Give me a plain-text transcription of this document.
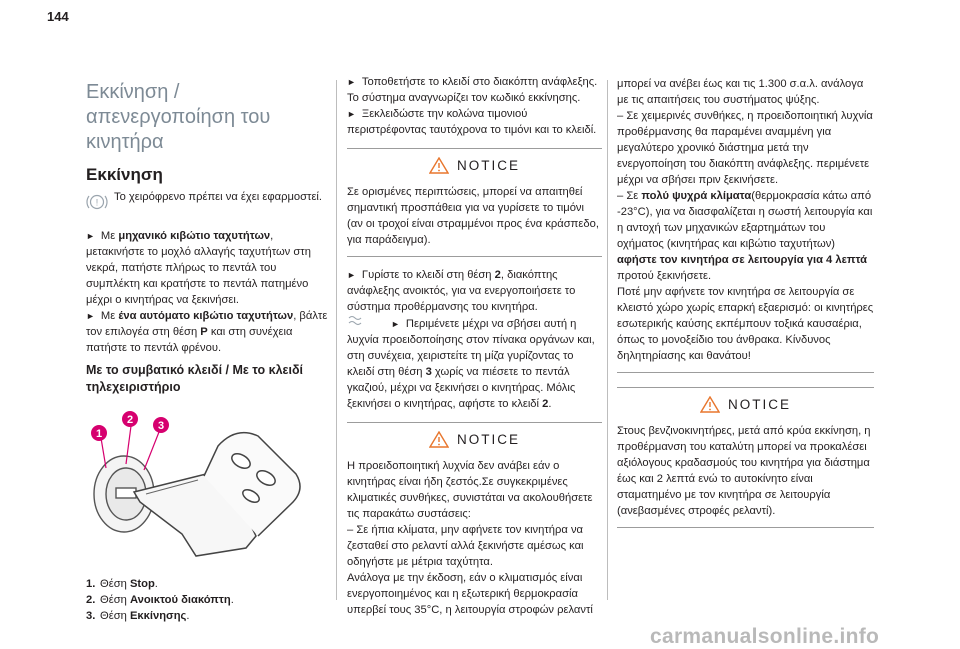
144
Εκκίνηση / απενεργοποίηση του κινητήρα
Εκκίνηση
! Το χειρόφρενο πρέπει να έχει εφαρμοστεί.

► Με μηχανικό κιβώτιο ταχυτήτων, μετακινήστε το μοχλό αλλαγής ταχυτήτων στη νεκρά, πατήστε πλήρως το πεντάλ του συμπλέκτη και κρατήστε το πεντάλ πατημένο μέχρι ο κινητήρας να ξεκινήσει.

► Με ένα αυτόματο κιβώτιο ταχυτήτων, βάλτε τον επιλογέα στη θέση P και στη συνέχεια πατήστε το πεντάλ φρένου.

Με το συμβατικό κλειδί / Με το κλειδί τηλεχειριστήριο
1
2 3
1. Θέση Stop.
2. Θέση Ανοικτού διακόπτη.
3. Θέση Εκκίνησης.

► Τοποθετήστε το κλειδί στο διακόπτη ανάφλεξης. Το σύστημα αναγνωρίζει τον κωδικό εκκίνησης.

► Ξεκλειδώστε την κολώνα τιμονιού περιστρέφοντας ταυτόχρονα το τιμόνι και το κλειδί.

NOTICE

Σε ορισμένες περιπτώσεις, μπορεί να απαιτηθεί σημαντική προσπάθεια για να γυρίσετε το τιμόνι (αν οι τροχοί είναι στραμμένοι προς ένα κράσπεδο, για παράδειγμα).

► Γυρίστε το κλειδί στη θέση 2, διακόπτης ανάφλεξης ανοικτός, για να ενεργοποιήσετε το σύστημα προθέρμανσης του κινητήρα.

► Περιμένετε μέχρι να σβήσει αυτή η λυχνία προειδοποίησης στον πίνακα οργάνων και, στη συνέχεια, χειριστείτε τη μίζα γυρίζοντας το κλειδί στη θέση 3 χωρίς να πιέσετε το πεντάλ γκαζιού, μέχρι να ξεκινήσει ο κινητήρας. Μόλις ξεκινήσει ο κινητήρας, αφήστε το κλειδί 2.

NOTICE

Η προειδοποιητική λυχνία δεν ανάβει εάν ο κινητήρας είναι ήδη ζεστός.Σε συγκεκριμένες κλιματικές συνθήκες, συνιστάται να ακολουθήσετε τις παρακάτω συστάσεις:

– Σε ήπια κλίματα, μην αφήνετε τον κινητήρα να ζεσταθεί στο ρελαντί αλλά ξεκινήστε αμέσως και οδηγήστε με μέτρια ταχύτητα.

Ανάλογα με την έκδοση, εάν ο κλιματισμός είναι ενεργοποιημένος και η εξωτερική θερμοκρασία υπερβεί τους 35°C, η λειτουργία στροφών ρελαντί

μπορεί να ανέβει έως και τις 1.300 σ.α.λ. ανάλογα με τις απαιτήσεις του συστήματος ψύξης.

– Σε χειμερινές συνθήκες, η προειδοποιητική λυχνία προθέρμανσης θα παραμένει αναμμένη για μεγαλύτερο χρονικό διάστημα μετά την ενεργοποίηση του διακόπτη ανάφλεξης. περιμένετε μέχρι να σβήσει πριν ξεκινήσετε.

– Σε πολύ ψυχρά κλίματα(θερμοκρασία κάτω από -23°C), για να διασφαλίζεται η σωστή λειτουργία και η αντοχή των μηχανικών εξαρτημάτων του οχήματος (κινητήρας και κιβώτιο ταχυτήτων) αφήστε τον κινητήρα σε λειτουργία για 4 λεπτά προτού ξεκινήσετε.

Ποτέ μην αφήνετε τον κινητήρα σε λειτουργία σε κλειστό χώρο χωρίς επαρκή εξαερισμό: οι κινητήρες εσωτερικής καύσης εκπέμπουν τοξικά καυσαέρια, όπως το μονοξείδιο του άνθρακα. Κίνδυνος δηλητηρίασης και θανάτου!

NOTICE

Στους βενζινοκινητήρες, μετά από κρύα εκκίνηση, η προθέρμανση του καταλύτη μπορεί να προκαλέσει αξιόλογους κραδασμούς του κινητήρα για διάστημα έως και 2 λεπτά ενώ το αυτοκίνητο είναι σταματημένο με τον κινητήρα σε λειτουργία (ανεβασμένες στροφές ρελαντί).

carmanualsonline.info
